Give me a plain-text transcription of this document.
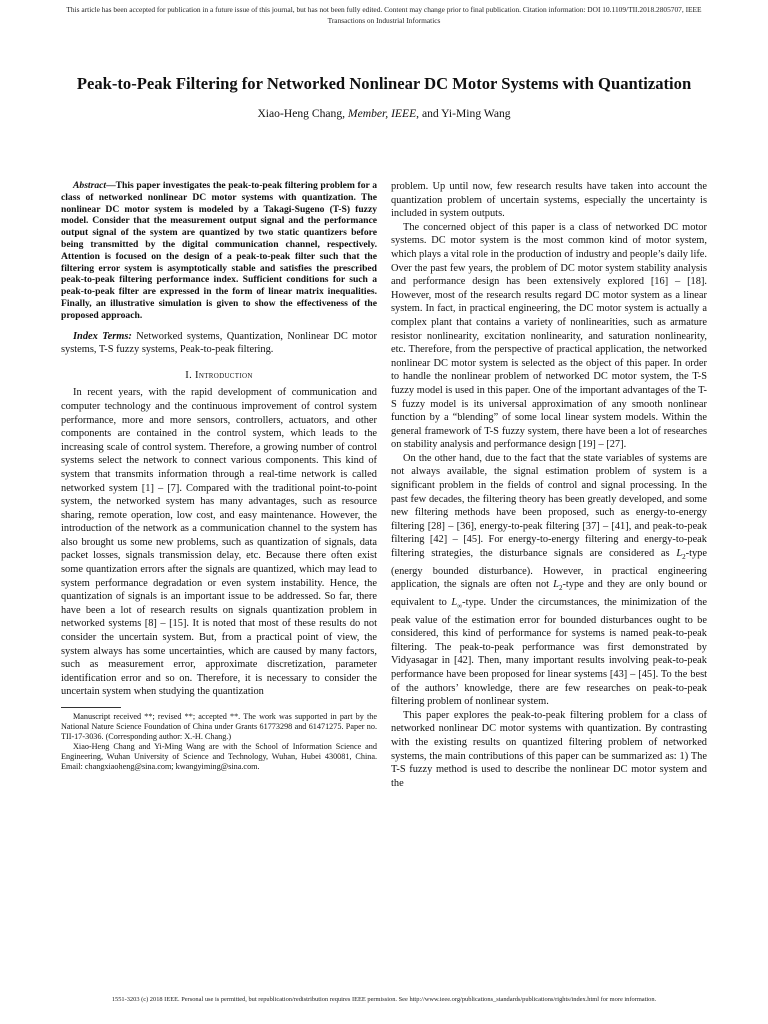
This article has been accepted for publication in a future issue of this journal, but has not been fully edited. Content may change prior to final publication. Citation information: DOI 10.1109/TII.2018.2805707, IEEE
Transactions on Industrial Informatics
Peak-to-Peak Filtering for Networked Nonlinear DC Motor Systems with Quantization
Xiao-Heng Chang, Member, IEEE, and Yi-Ming Wang

Abstract—This paper investigates the peak-to-peak filtering problem for a class of networked nonlinear DC motor systems with quantization. The nonlinear DC motor system is modeled by a Takagi-Sugeno (T-S) fuzzy model. Consider that the measurement output signal and the performance output signal of the system are quantized by two static quantizers before being transmitted by the digital communication channel, respectively. Attention is focused on the design of a peak-to-peak filter such that the filtering error system is asymptotically stable and satisfies the prescribed peak-to-peak filtering performance index. Sufficient conditions for such a peak-to-peak filter are expressed in the form of linear matrix inequalities. Finally, an illustrative simulation is given to show the effectiveness of the proposed approach.

Index Terms: Networked systems, Quantization, Nonlinear DC motor systems, T-S fuzzy systems, Peak-to-peak filtering.

I. Introduction

In recent years, with the rapid development of communication and computer technology and the continuous improvement of control system performance, more and more sensors, controllers, actuators, and other components are contained in the control system, which leads to the increasing scale of control system. Therefore, a growing number of control systems select the network to connect various components. This kind of system that transmits information through a real-time network is called networked system [1] – [7]. Compared with the traditional point-to-point system, the networked system has many advantages, such as resource sharing, remote operation, low cost, and easy maintenance. However, the introduction of the network as a communication channel to the system has also brought us some new problems, such as quantization of signals, data packet losses, signals transmission delay, etc. Because there often exist some quantization errors after the signals are quantized, which may lead to system performance degradation or even system instability. Hence, the quantization of signals is an important issue to be addressed. So far, there have been a lot of research results on signals quantization problem in networked systems [8] – [15]. It is noted that most of these results do not consider the uncertain system. But, from a practical point of view, the system always has some uncertainties, which are caused by many factors, such as measurement error, approximate discretization, parameter identification error and so on. Therefore, it is necessary to consider the uncertain system when studying the quantization

Manuscript received **; revised **; accepted **. The work was supported in part by the National Nature Science Foundation of China under Grants 61773298 and 61471275. Paper no. TII-17-3036. (Corresponding author: X.-H. Chang.)

Xiao-Heng Chang and Yi-Ming Wang are with the School of Information Science and Engineering, Wuhan University of Science and Technology, Wuhan, Hubei 430081, China. Email: changxiaoheng@sina.com; kwangyiming@sina.com.

problem. Up until now, few research results have taken into account the quantization problem of uncertain systems, especially the uncertainty is included in system outputs.

The concerned object of this paper is a class of networked DC motor systems. DC motor system is the most common kind of motor system, which plays a vital role in the production of industry and people’s daily life. Over the past few years, the problem of DC motor system stability analysis and performance design has been extensively explored [16] – [18]. However, most of the research results regard DC motor system as a linear system. In fact, in practical engineering, the DC motor system is actually a complex plant that contains a variety of nonlinearities, such as armature resistor nonlinearity, excitation nonlinearity, and saturation nonlinearity, etc. Therefore, from the perspective of practical application, the networked nonlinear DC motor system is selected as the object of this paper. In order to handle the nonlinear problem of networked DC motor system, the T-S fuzzy model is used in this paper. One of the important advantages of the T-S fuzzy model is its universal approximation of any smooth nonlinear function by a “blending” of some local linear system models. Within the general framework of T-S fuzzy system, there have been a lot of researches on stability analysis and performance design [19] – [27].

On the other hand, due to the fact that the state variables of systems are not always available, the signal estimation problem of system is a significant problem in the fields of control and signal processing. In the past few decades, the filtering theory has been greatly developed, and some new filtering methods have been proposed, such as energy-to-energy filtering [28] – [36], energy-to-peak filtering [37] – [41], and peak-to-peak filtering [42] – [45]. For energy-to-energy filtering and energy-to-peak filtering strategies, the disturbance signals are considered as $L_2$-type (energy bounded disturbance). However, in practical engineering application, the signals are often not $L_2$-type and they are only bound or equivalent to $L_\infty$-type. Under the circumstances, the minimization of the peak value of the estimation error for bounded disturbances ought to be considered, this kind of performance for systems is named peak-to-peak filtering. The peak-to-peak performance was first demonstrated by Vidyasagar in [42]. Then, many important results involving peak-to-peak performance have been proposed for linear systems [43] – [45]. To the best of the authors’ knowledge, there are few researches on peak-to-peak filtering problem of nonlinear system.

This paper explores the peak-to-peak filtering problem for a class of networked nonlinear DC motor systems with quantization. By contrasting with the existing results on quantized filtering problem of networked systems, the main contributions of this paper can be summarized as: 1) The T-S fuzzy method is used to describe the nonlinear DC motor system and the

1551-3203 (c) 2018 IEEE. Personal use is permitted, but republication/redistribution requires IEEE permission. See http://www.ieee.org/publications_standards/publications/rights/index.html for more information.
